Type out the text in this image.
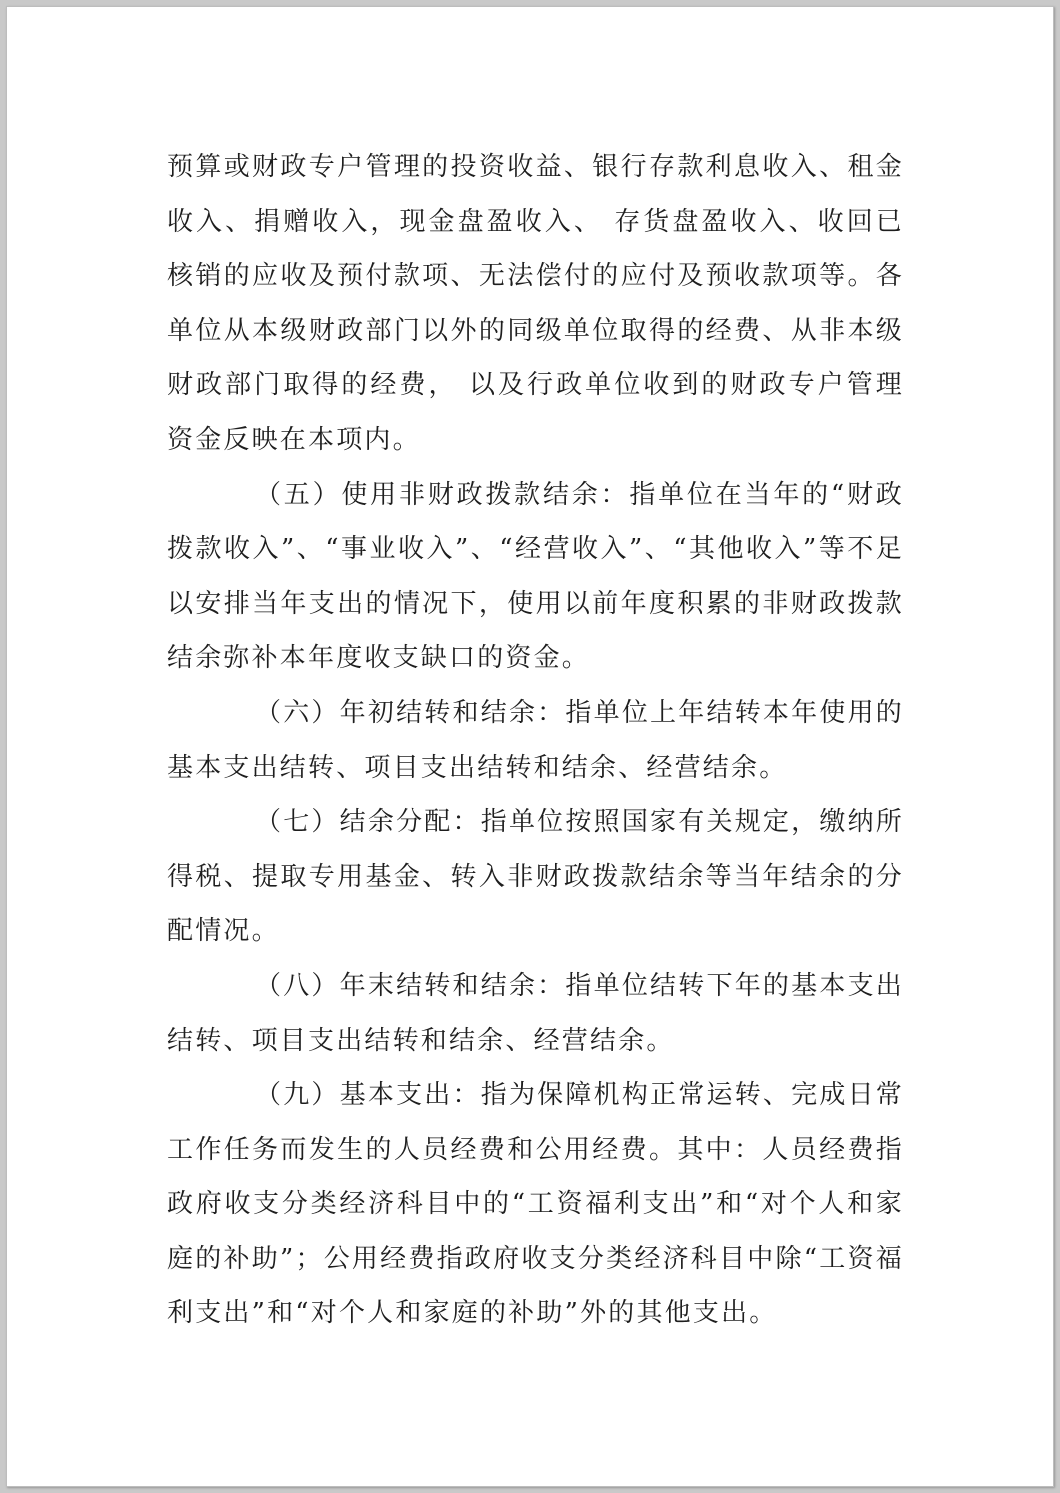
预算或财政专户管理的投资收益、银行存款利息收入、租金收入、捐赠收入，现金盘盈收入、 存货盘盈收入、收回已核销的应收及预付款项、无法偿付的应付及预收款项等。各单位从本级财政部门以外的同级单位取得的经费、从非本级财政部门取得的经费， 以及行政单位收到的财政专户管理资金反映在本项内。

（五）使用非财政拨款结余：指单位在当年的“财政拨款收入”、“事业收入”、“经营收入”、“其他收入”等不足以安排当年支出的情况下，使用以前年度积累的非财政拨款结余弥补本年度收支缺口的资金。

（六）年初结转和结余：指单位上年结转本年使用的基本支出结转、项目支出结转和结余、经营结余。

（七）结余分配：指单位按照国家有关规定，缴纳所得税、提取专用基金、转入非财政拨款结余等当年结余的分配情况。

（八）年末结转和结余：指单位结转下年的基本支出结转、项目支出结转和结余、经营结余。

（九）基本支出：指为保障机构正常运转、完成日常工作任务而发生的人员经费和公用经费。其中：人员经费指政府收支分类经济科目中的“工资福利支出”和“对个人和家庭的补助”；公用经费指政府收支分类经济科目中除“工资福利支出”和“对个人和家庭的补助”外的其他支出。
